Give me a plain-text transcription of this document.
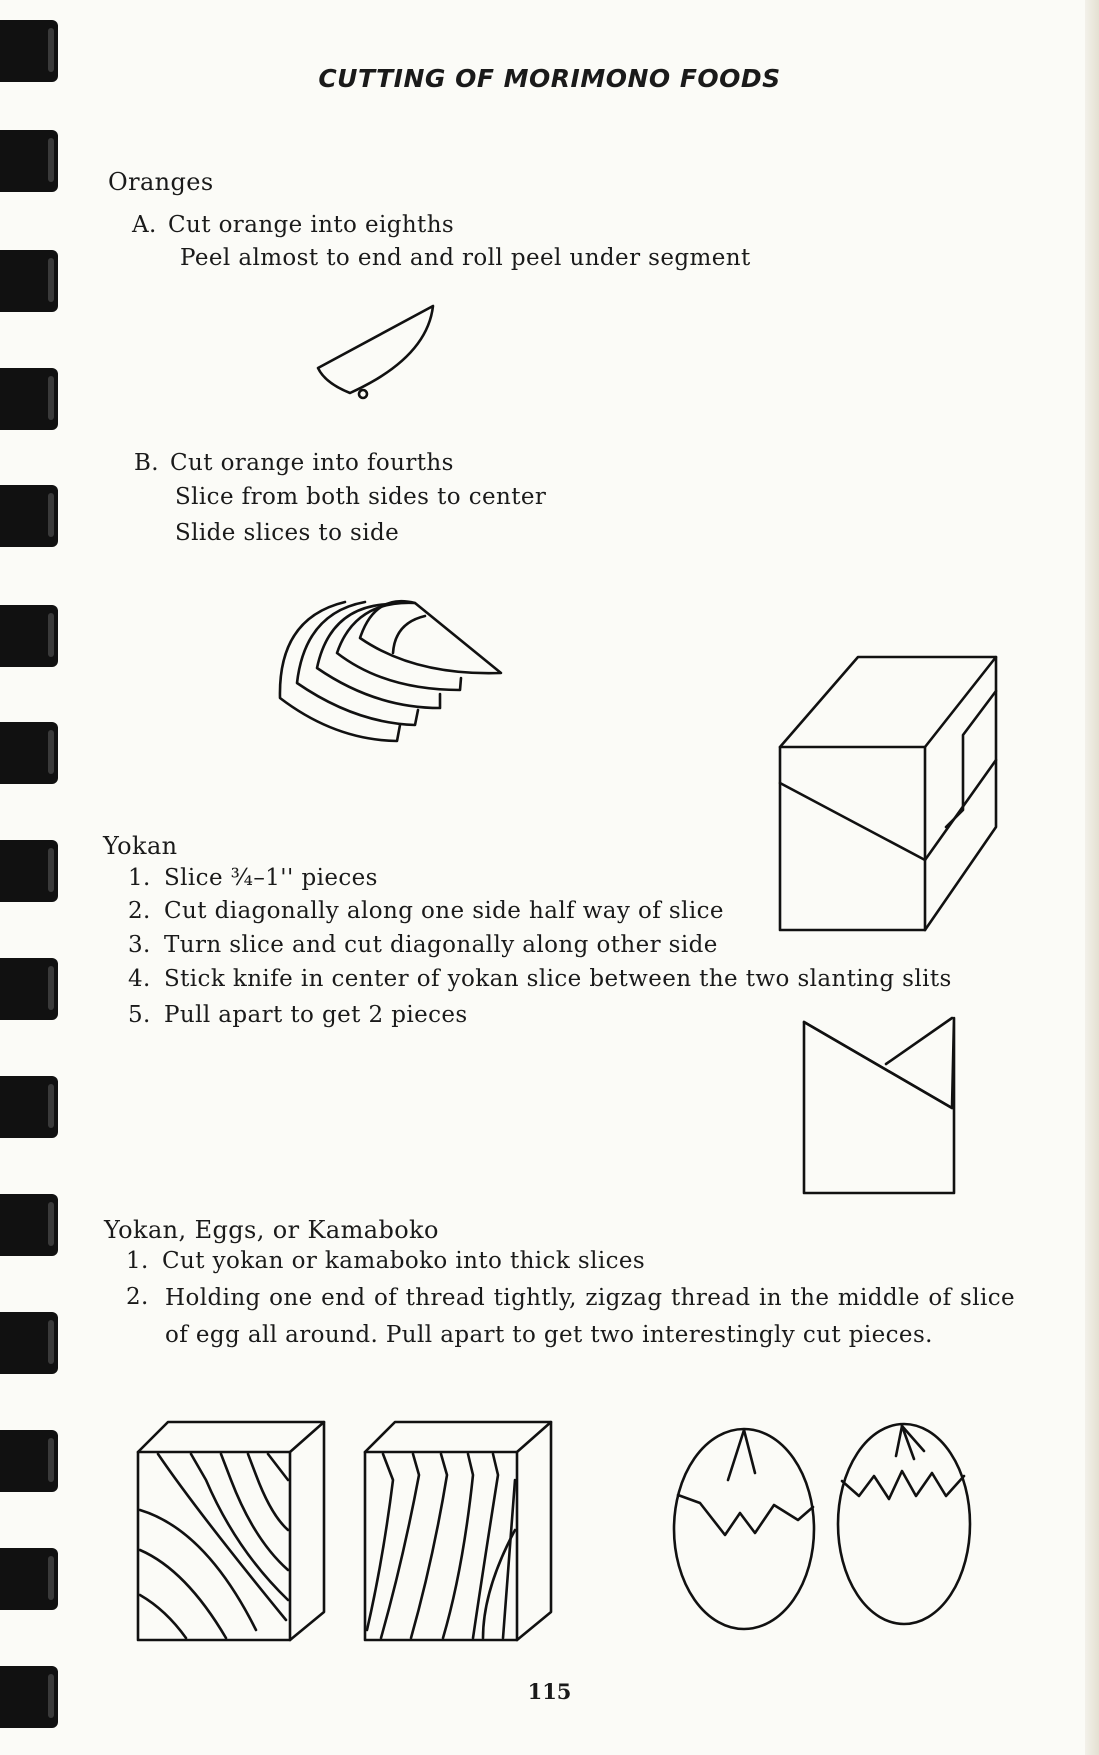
CUTTING OF MORIMONO FOODS
Oranges
A. Cut orange into eighths
Peel almost to end and roll peel under segment
B. Cut orange into fourths
Slice from both sides to center
Slide slices to side
Yokan
1. Slice ¾–1'' pieces
2. Cut diagonally along one side half way of slice
3. Turn slice and cut diagonally along other side
4. Stick knife in center of yokan slice between the two slanting slits
5. Pull apart to get 2 pieces
Yokan, Eggs, or Kamaboko
1. Cut yokan or kamaboko into thick slices
2. Holding one end of thread tightly, zigzag thread in the middle of slice of egg all around. Pull apart to get two interestingly cut pieces.
115
